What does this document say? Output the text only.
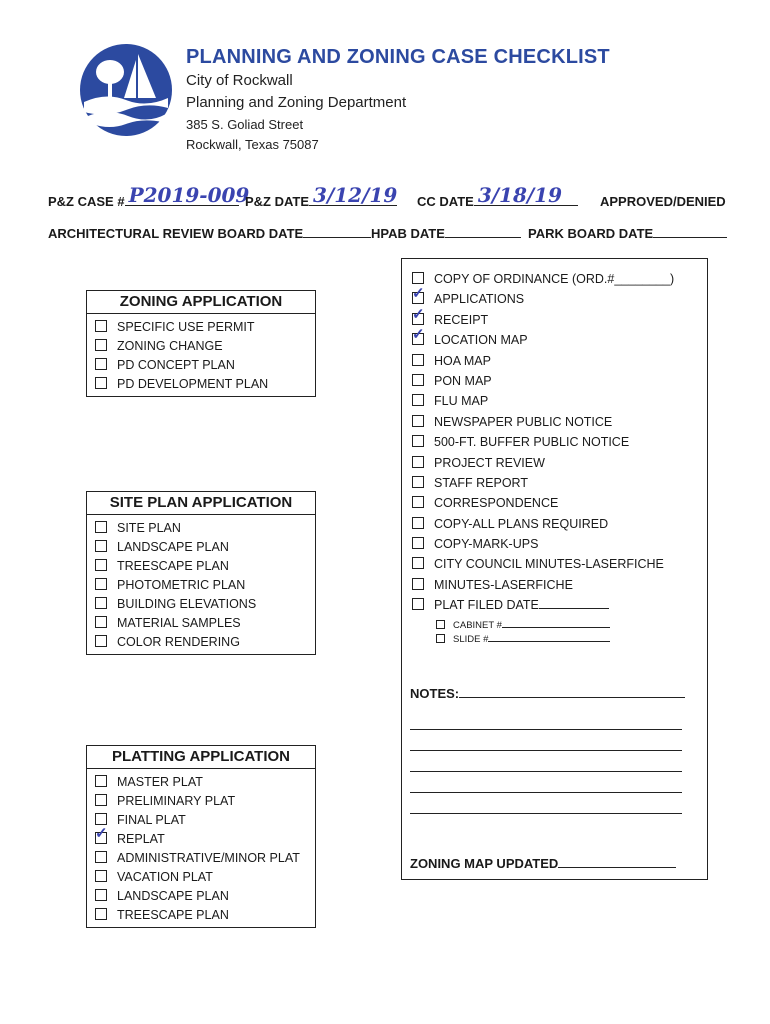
PLANNING AND ZONING CASE CHECKLIST
City of Rockwall
Planning and Zoning Department
385 S. Goliad Street
Rockwall, Texas 75087
P&Z CASE # P2019-009
P&Z DATE 3/12/19 CC DATE 3/18/19	APPROVED/DENIED
ARCHITECTURAL REVIEW BOARD DATE	HPAB DATE	PARK BOARD DATE
ZONING APPLICATION
SPECIFIC USE PERMIT
ZONING CHANGE
PD CONCEPT PLAN
PD DEVELOPMENT PLAN
SITE PLAN APPLICATION
SITE PLAN
LANDSCAPE PLAN
TREESCAPE PLAN
PHOTOMETRIC PLAN
BUILDING ELEVATIONS
MATERIAL SAMPLES
COLOR RENDERING
PLATTING APPLICATION
MASTER PLAT
PRELIMINARY PLAT
FINAL PLAT
✓ REPLAT
ADMINISTRATIVE/MINOR PLAT
VACATION PLAT
LANDSCAPE PLAN
TREESCAPE PLAN
COPY OF ORDINANCE (ORD.#________)
✓ APPLICATIONS
✓ RECEIPT
✓ LOCATION MAP
HOA MAP
PON MAP
FLU MAP
NEWSPAPER PUBLIC NOTICE
500-FT. BUFFER PUBLIC NOTICE
PROJECT REVIEW
STAFF REPORT
CORRESPONDENCE
COPY-ALL PLANS REQUIRED
COPY-MARK-UPS
CITY COUNCIL MINUTES-LASERFICHE
MINUTES-LASERFICHE
PLAT FILED DATE
CABINET #
SLIDE #
NOTES:
ZONING MAP UPDATED
